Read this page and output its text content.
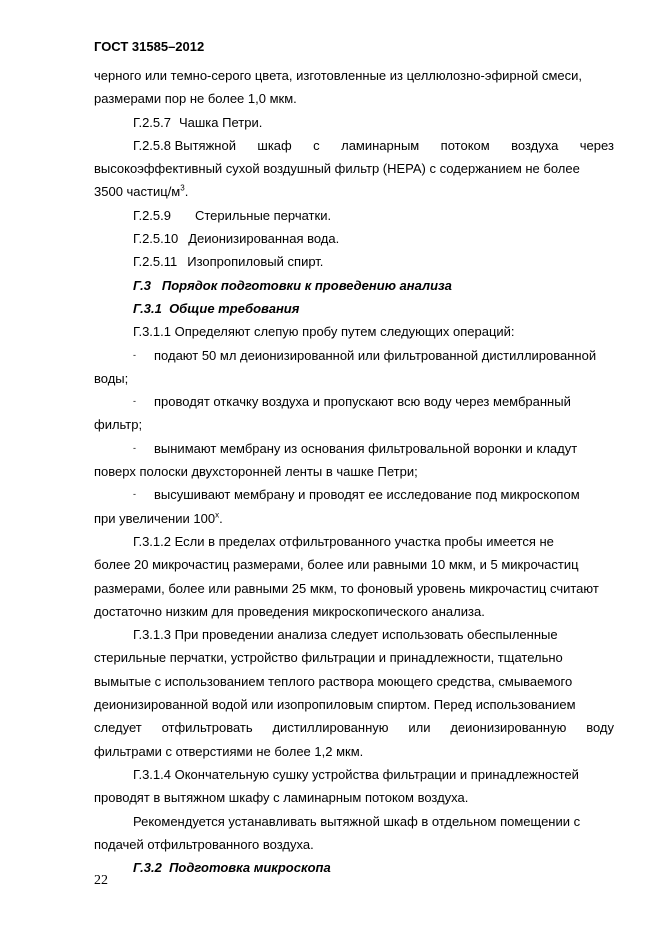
ГОСТ 31585–2012

черного или темно-серого цвета, изготовленные из целлюлозно-эфирной смеси,

размерами пор не более 1,0 мкм.

Г.2.5.7 Чашка Петри.

Г.2.5.8 Вытяжной шкаф с ламинарным потоком воздуха через

высокоэффективный сухой воздушный фильтр (HEPA) с содержанием не более

3500 частиц/$м^3$.

Г.2.5.9 Стерильные перчатки.

Г.2.5.10 Деионизированная вода.

Г.2.5.11 Изопропиловый спирт.

Г.3   Порядок подготовки к проведению анализа

Г.3.1  Общие требования

Г.3.1.1 Определяют слепую пробу путем следующих операций:

- подают 50 мл деионизированной или фильтрованной дистиллированной

воды;

- проводят откачку воздуха и пропускают всю воду через мембранный

фильтр;

- вынимают мембрану из основания фильтровальной воронки и кладут

поверх полоски двухсторонней ленты в чашке Петри;

- высушивают мембрану и проводят ее исследование под микроскопом

при увеличении $100^х$.

Г.3.1.2 Если в пределах отфильтрованного участка пробы имеется не

более 20 микрочастиц размерами, более или равными 10 мкм, и 5 микрочастиц

размерами, более или равными 25 мкм, то фоновый уровень микрочастиц считают

достаточно низким для проведения микроскопического анализа.

Г.3.1.3 При проведении анализа следует использовать обеспыленные

стерильные перчатки, устройство фильтрации и принадлежности, тщательно

вымытые с использованием теплого раствора моющего средства, смываемого

деионизированной водой или изопропиловым спиртом. Перед использованием

следует отфильтровать дистиллированную или деионизированную воду

фильтрами с отверстиями не более 1,2 мкм.

Г.3.1.4 Окончательную сушку устройства фильтрации и принадлежностей

проводят в вытяжном шкафу с ламинарным потоком воздуха.

Рекомендуется устанавливать вытяжной шкаф в отдельном помещении с

подачей отфильтрованного воздуха.

Г.3.2  Подготовка микроскопа

22
